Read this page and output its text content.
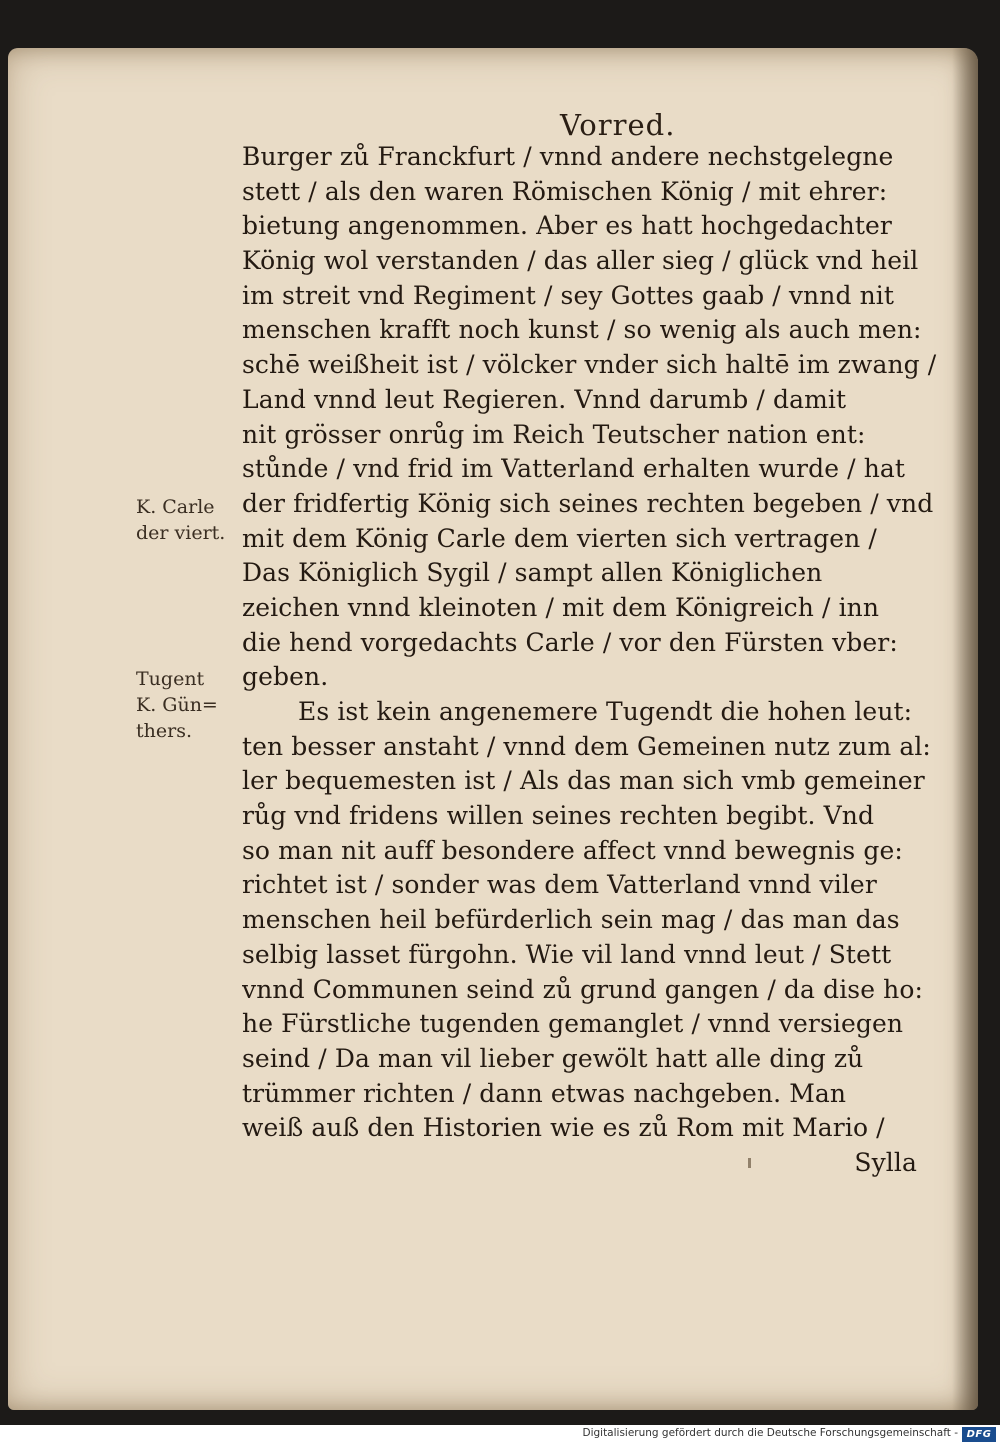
Vorred.
Burger zů Franckfurt / vnnd andere nechstgelegne
stett / als den waren Römischen König / mit ehrer:
bietung angenommen. Aber es hatt hochgedachter
König wol verstanden / das aller sieg / glück vnd heil
im streit vnd Regiment / sey Gottes gaab / vnnd nit
menschen krafft noch kunst / so wenig als auch men:
schē weißheit ist / völcker vnder sich haltē im zwang /
Land vnnd leut Regieren. Vnnd darumb / damit
nit grösser onrůg im Reich Teutscher nation ent:
stůnde / vnd frid im Vatterland erhalten wurde / hat
der fridfertig König sich seines rechten begeben / vnd
mit dem König Carle dem vierten sich vertragen /
Das Königlich Sygil / sampt allen Königlichen
zeichen vnnd kleinoten / mit dem Königreich / inn
die hend vorgedachts Carle / vor den Fürsten vber:
geben.
Es ist kein angenemere Tugendt die hohen leut:
ten besser anstaht / vnnd dem Gemeinen nutz zum al:
ler bequemesten ist / Als das man sich vmb gemeiner
růg vnd fridens willen seines rechten begibt. Vnd
so man nit auff besondere affect vnnd bewegnis ge:
richtet ist / sonder was dem Vatterland vnnd viler
menschen heil befürderlich sein mag / das man das
selbig lasset fürgohn. Wie vil land vnnd leut / Stett
vnnd Communen seind zů grund gangen / da dise ho:
he Fürstliche tugenden gemanglet / vnnd versiegen
seind / Da man vil lieber gewölt hatt alle ding zů
trümmer richten / dann etwas nachgeben. Man
weiß auß den Historien wie es zů Rom mit Mario /
Sylla
K. Carle
der viert.
Tugent
K. Gün=
thers.
Digitalisierung gefördert durch die Deutsche Forschungsgemeinschaft - DFG
